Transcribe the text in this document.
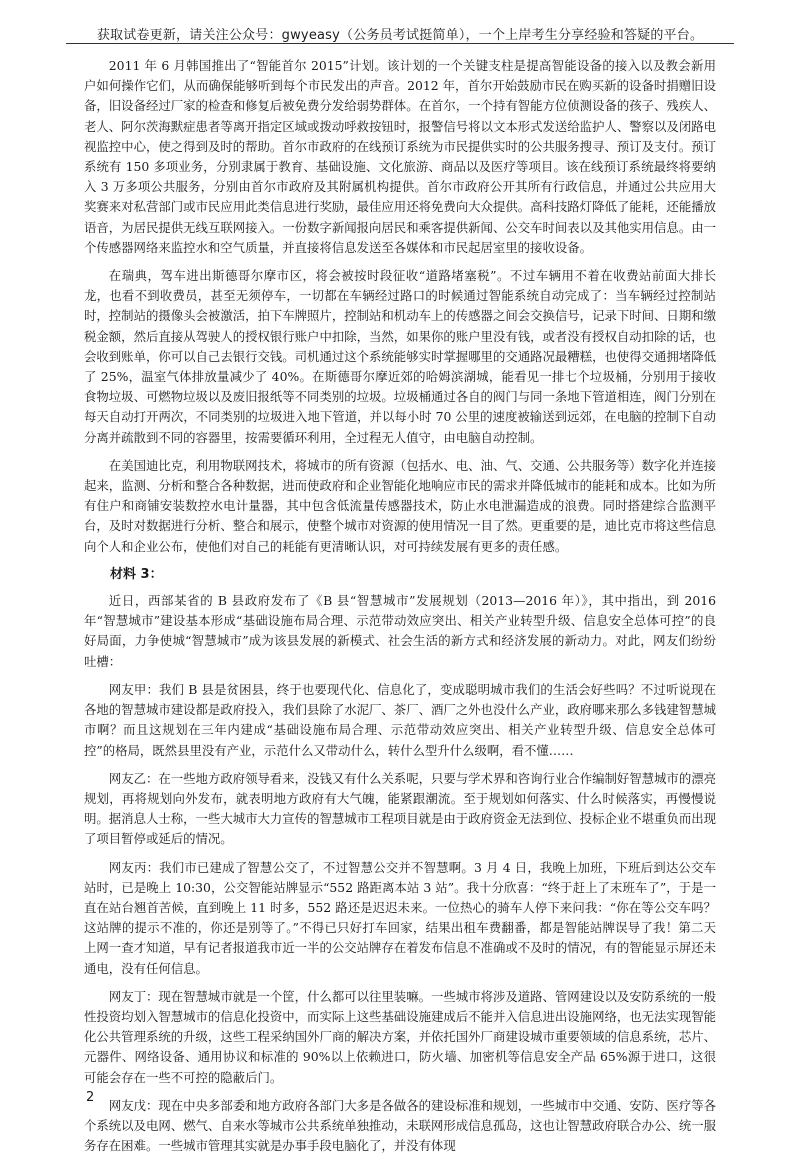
获取试卷更新，请关注公众号：gwyeasy（公务员考试挺简单），一个上岸考生分享经验和答疑的平台。

2011 年 6 月韩国推出了“智能首尔 2015”计划。该计划的一个关键支柱是提高智能设备的接入以及教会新用户如何操作它们，从而确保能够听到每个市民发出的声音。2012 年，首尔开始鼓励市民在购买新的设备时捐赠旧设备，旧设备经过厂家的检查和修复后被免费分发给弱势群体。在首尔，一个持有智能方位侦测设备的孩子、残疾人、老人、阿尔茨海默症患者等离开指定区域或拨动呼救按钮时，报警信号将以文本形式发送给监护人、警察以及闭路电视监控中心，使之得到及时的帮助。首尔市政府的在线预订系统为市民提供实时的公共服务搜寻、预订及支付。预订系统有 150 多项业务，分别隶属于教育、基础设施、文化旅游、商品以及医疗等项目。该在线预订系统最终将要纳入 3 万多项公共服务，分别由首尔市政府及其附属机构提供。首尔市政府公开其所有行政信息，并通过公共应用大奖赛来对私营部门或市民应用此类信息进行奖励，最佳应用还将免费向大众提供。高科技路灯降低了能耗，还能播放语音，为居民提供无线互联网接入。一份数字新闻报向居民和乘客提供新闻、公交车时间表以及其他实用信息。由一个传感器网络来监控水和空气质量，并直接将信息发送至各媒体和市民起居室里的接收设备。

在瑞典，驾车进出斯德哥尔摩市区，将会被按时段征收“道路堵塞税”。不过车辆用不着在收费站前面大排长龙，也看不到收费员，甚至无须停车，一切都在车辆经过路口的时候通过智能系统自动完成了：当车辆经过控制站时，控制站的摄像头会被激活，拍下车牌照片，控制站和机动车上的传感器之间会交换信号，记录下时间、日期和缴税金额，然后直接从驾驶人的授权银行账户中扣除，当然，如果你的账户里没有钱，或者没有授权自动扣除的话，也会收到账单，你可以自己去银行交钱。司机通过这个系统能够实时掌握哪里的交通路况最糟糕，也使得交通拥堵降低了 25%，温室气体排放量减少了 40%。在斯德哥尔摩近郊的哈姆滨湖城，能看见一排七个垃圾桶，分别用于接收食物垃圾、可燃物垃圾以及废旧报纸等不同类别的垃圾。垃圾桶通过各自的阀门与同一条地下管道相连，阀门分别在每天自动打开两次，不同类别的垃圾进入地下管道，并以每小时 70 公里的速度被输送到远郊，在电脑的控制下自动分离并疏散到不同的容器里，按需要循环利用，全过程无人值守，由电脑自动控制。

在美国迪比克，利用物联网技术，将城市的所有资源（包括水、电、油、气、交通、公共服务等）数字化并连接起来，监测、分析和整合各种数据，进而使政府和企业智能化地响应市民的需求并降低城市的能耗和成本。比如为所有住户和商铺安装数控水电计量器，其中包含低流量传感器技术，防止水电泄漏造成的浪费。同时搭建综合监测平台，及时对数据进行分析、整合和展示，使整个城市对资源的使用情况一目了然。更重要的是，迪比克市将这些信息向个人和企业公布，使他们对自己的耗能有更清晰认识，对可持续发展有更多的责任感。

材料 3：

近日，西部某省的 B 县政府发布了《B 县“智慧城市”发展规划（2013—2016 年）》，其中指出，到 2016 年“智慧城市”建设基本形成“基础设施布局合理、示范带动效应突出、相关产业转型升级、信息安全总体可控”的良好局面，力争使城“智慧城市”成为该县发展的新模式、社会生活的新方式和经济发展的新动力。对此，网友们纷纷吐槽：

网友甲：我们 B 县是贫困县，终于也要现代化、信息化了，变成聪明城市我们的生活会好些吗？不过听说现在各地的智慧城市建设都是政府投入，我们县除了水泥厂、茶厂、酒厂之外也没什么产业，政府哪来那么多钱建智慧城市啊？而且这规划在三年内建成“基础设施布局合理、示范带动效应突出、相关产业转型升级、信息安全总体可控”的格局，既然县里没有产业，示范什么又带动什么，转什么型升什么级啊，看不懂……

网友乙：在一些地方政府领导看来，没钱又有什么关系呢，只要与学术界和咨询行业合作编制好智慧城市的漂亮规划，再将规划向外发布，就表明地方政府有大气魄，能紧跟潮流。至于规划如何落实、什么时候落实，再慢慢说明。据消息人士称，一些大城市大力宣传的智慧城市工程项目就是由于政府资金无法到位、投标企业不堪重负而出现了项目暂停或延后的情况。

网友丙：我们市已建成了智慧公交了，不过智慧公交并不智慧啊。3 月 4 日，我晚上加班，下班后到达公交车站时，已是晚上 10:30，公交智能站牌显示“552 路距离本站 3 站”。我十分欣喜：“终于赶上了末班车了”，于是一直在站台翘首苦候，直到晚上 11 时多，552 路还是迟迟未来。一位热心的骑车人停下来问我：“你在等公交车吗？这站牌的提示不准的，你还是别等了。”不得已只好打车回家，结果出租车费翻番，都是智能站牌误导了我！第二天上网一查才知道，早有记者报道我市近一半的公交站牌存在着发布信息不准确或不及时的情况，有的智能显示屏还未通电，没有任何信息。

网友丁：现在智慧城市就是一个筐，什么都可以往里装嘛。一些城市将涉及道路、管网建设以及安防系统的一般性投资均划入智慧城市的信息化投资中，而实际上这些基础设施建成后不能并入信息进出设施网络，也无法实现智能化公共管理系统的升级，这些工程采纳国外厂商的解决方案，并依托国外厂商建设城市重要领域的信息系统，芯片、元器件、网络设备、通用协议和标准的 90%以上依赖进口，防火墙、加密机等信息安全产品 65%源于进口，这很可能会存在一些不可控的隐蔽后门。

网友戊：现在中央多部委和地方政府各部门大多是各做各的建设标准和规划，一些城市中交通、安防、医疗等各个系统以及电网、燃气、自来水等城市公共系统单独推动，未联网形成信息孤岛，这也让智慧政府联合办公、统一服务存在困难。一些城市管理其实就是办事手段电脑化了，并没有体现

2
